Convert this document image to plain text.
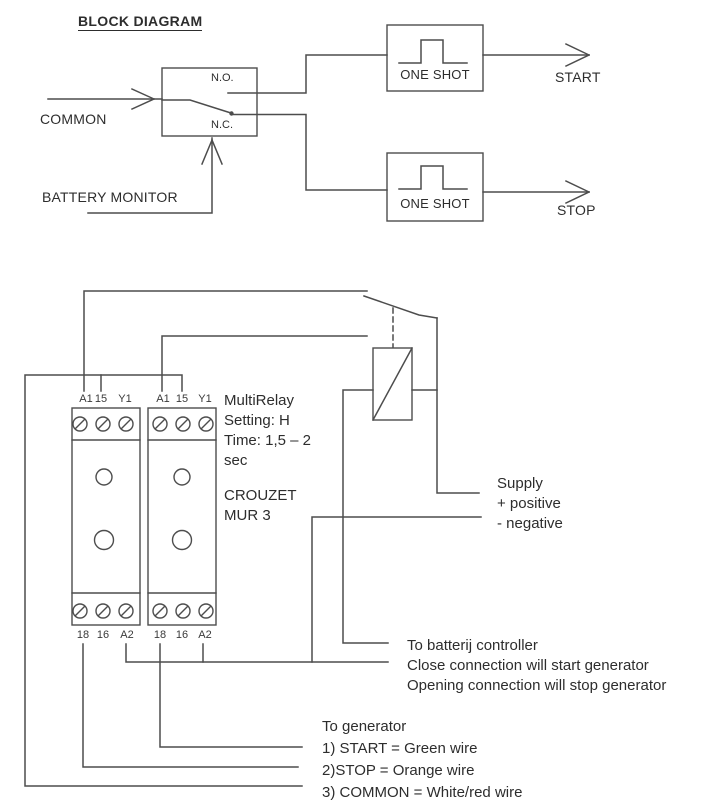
BLOCK DIAGRAM
N.O.
N.C.
COMMON
BATTERY MONITOR
ONE SHOT
ONE SHOT
START
STOP
A1 15 Y1
18 16 A2
A1 15 Y1
18 16 A2
MultiRelay
Setting: H
Time: 1,5 – 2
sec
CROUZET
MUR 3
Supply
+ positive
- negative
To batterij controller
Close connection will start generator
Opening connection will stop generator
To generator
1) START = Green wire
2)STOP = Orange wire
3) COMMON = White/red wire
